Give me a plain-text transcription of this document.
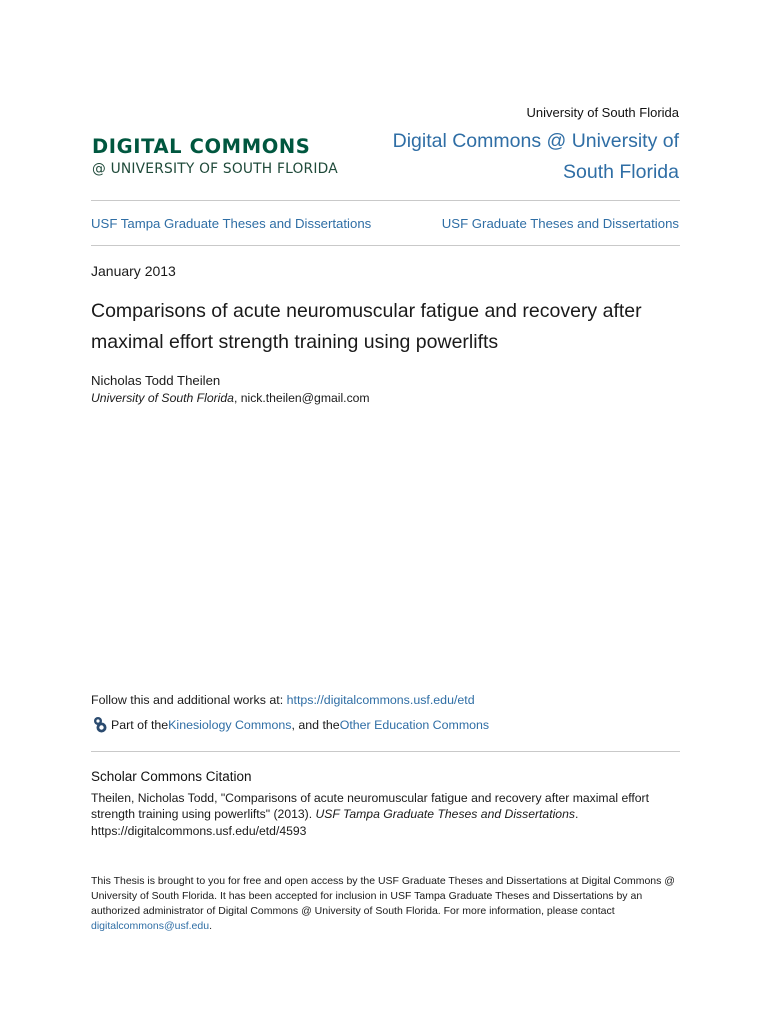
University of South Florida
Digital Commons @ University of
South Florida
DIGITAL COMMONS
@ UNIVERSITY OF SOUTH FLORIDA
USF Tampa Graduate Theses and Dissertations	USF Graduate Theses and Dissertations
January 2013
Comparisons of acute neuromuscular fatigue and recovery after maximal effort strength training using powerlifts
Nicholas Todd Theilen
University of South Florida, nick.theilen@gmail.com
Follow this and additional works at: https://digitalcommons.usf.edu/etd
Part of the Kinesiology Commons , and the Other Education Commons
Scholar Commons Citation
Theilen, Nicholas Todd, "Comparisons of acute neuromuscular fatigue and recovery after maximal effort strength training using powerlifts" (2013). USF Tampa Graduate Theses and Dissertations.
https://digitalcommons.usf.edu/etd/4593
This Thesis is brought to you for free and open access by the USF Graduate Theses and Dissertations at Digital Commons @ University of South Florida. It has been accepted for inclusion in USF Tampa Graduate Theses and Dissertations by an authorized administrator of Digital Commons @ University of South Florida. For more information, please contact digitalcommons@usf.edu.
